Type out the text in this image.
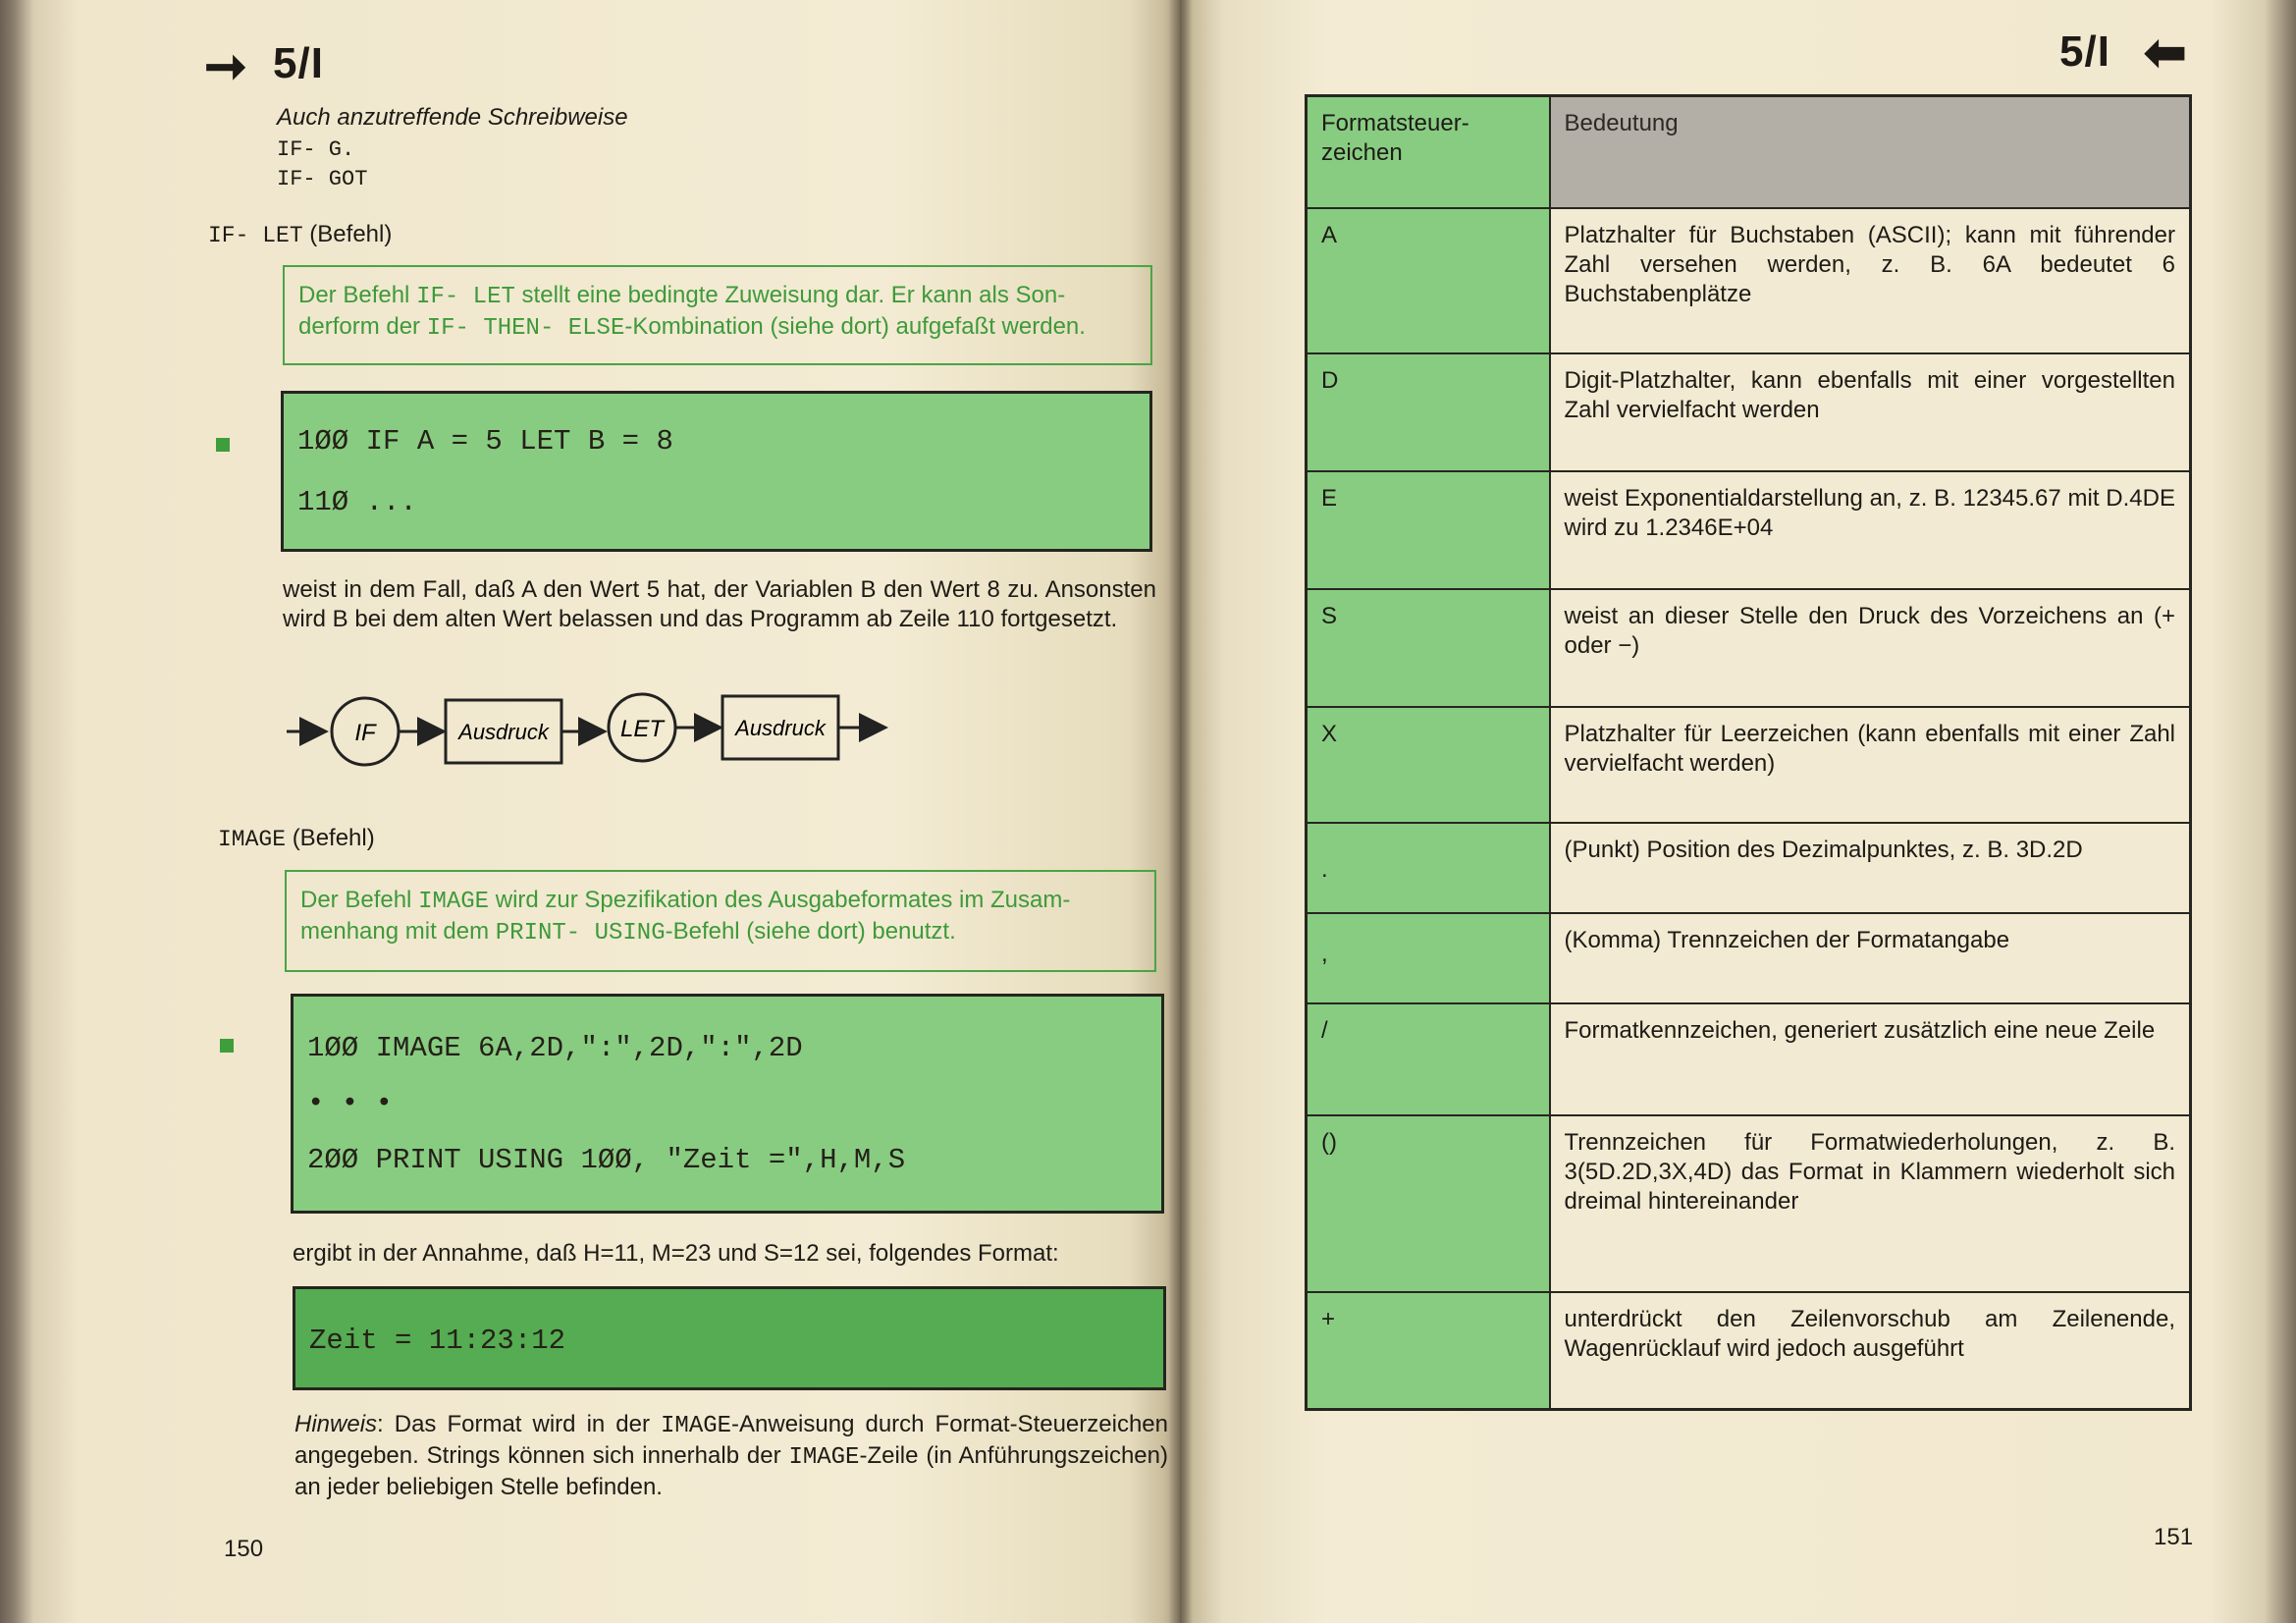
➞ 5/I
Auch anzutreffende Schreibweise
IF- G.
IF- GOT
IF- LET (Befehl)
Der Befehl IF- LET stellt eine bedingte Zuweisung dar. Er kann als Son-
derform der IF- THEN- ELSE-Kombination (siehe dort) aufgefaßt werden.
1ØØ IF A = 5 LET B = 8
11Ø ...
weist in dem Fall, daß A den Wert 5 hat, der Variablen B den Wert 8 zu. Ansonsten wird B bei dem alten Wert belassen und das Programm ab Zeile 110 fortgesetzt.
IF	Ausdruck	LET	Ausdruck
IMAGE (Befehl)
Der Befehl IMAGE wird zur Spezifikation des Ausgabeformates im Zusam-
menhang mit dem PRINT- USING-Befehl (siehe dort) benutzt.
1ØØ IMAGE 6A,2D,":",2D,":",2D
• • •
2ØØ PRINT USING 1ØØ, "Zeit =",H,M,S
ergibt in der Annahme, daß H=11, M=23 und S=12 sei, folgendes Format:
Zeit = 11:23:12
Hinweis: Das Format wird in der IMAGE-Anweisung durch Format-Steuerzeichen angegeben. Strings können sich innerhalb der IMAGE-Zeile (in Anführungszeichen) an jeder beliebigen Stelle befinden.
150
5/I ⬅
Formatsteuer-zeichen	Bedeutung
A	Platzhalter für Buchstaben (ASCII); kann mit führender Zahl versehen werden, z. B. 6A bedeutet 6 Buchstabenplätze
D	Digit-Platzhalter, kann ebenfalls mit einer vorgestellten Zahl vervielfacht werden
E	weist Exponentialdarstellung an, z. B. 12345.67 mit D.4DE wird zu 1.2346E+04
S	weist an dieser Stelle den Druck des Vorzeichens an (+ oder −)
X	Platzhalter für Leerzeichen (kann ebenfalls mit einer Zahl vervielfacht werden)
.	(Punkt) Position des Dezimalpunktes, z. B. 3D.2D
,	(Komma) Trennzeichen der Formatangabe
/	Formatkennzeichen, generiert zusätzlich eine neue Zeile
()	Trennzeichen für Formatwiederholungen, z. B. 3(5D.2D,3X,4D) das Format in Klammern wiederholt sich dreimal hintereinander
+	unterdrückt den Zeilenvorschub am Zeilenende, Wagenrücklauf wird jedoch ausgeführt
151
